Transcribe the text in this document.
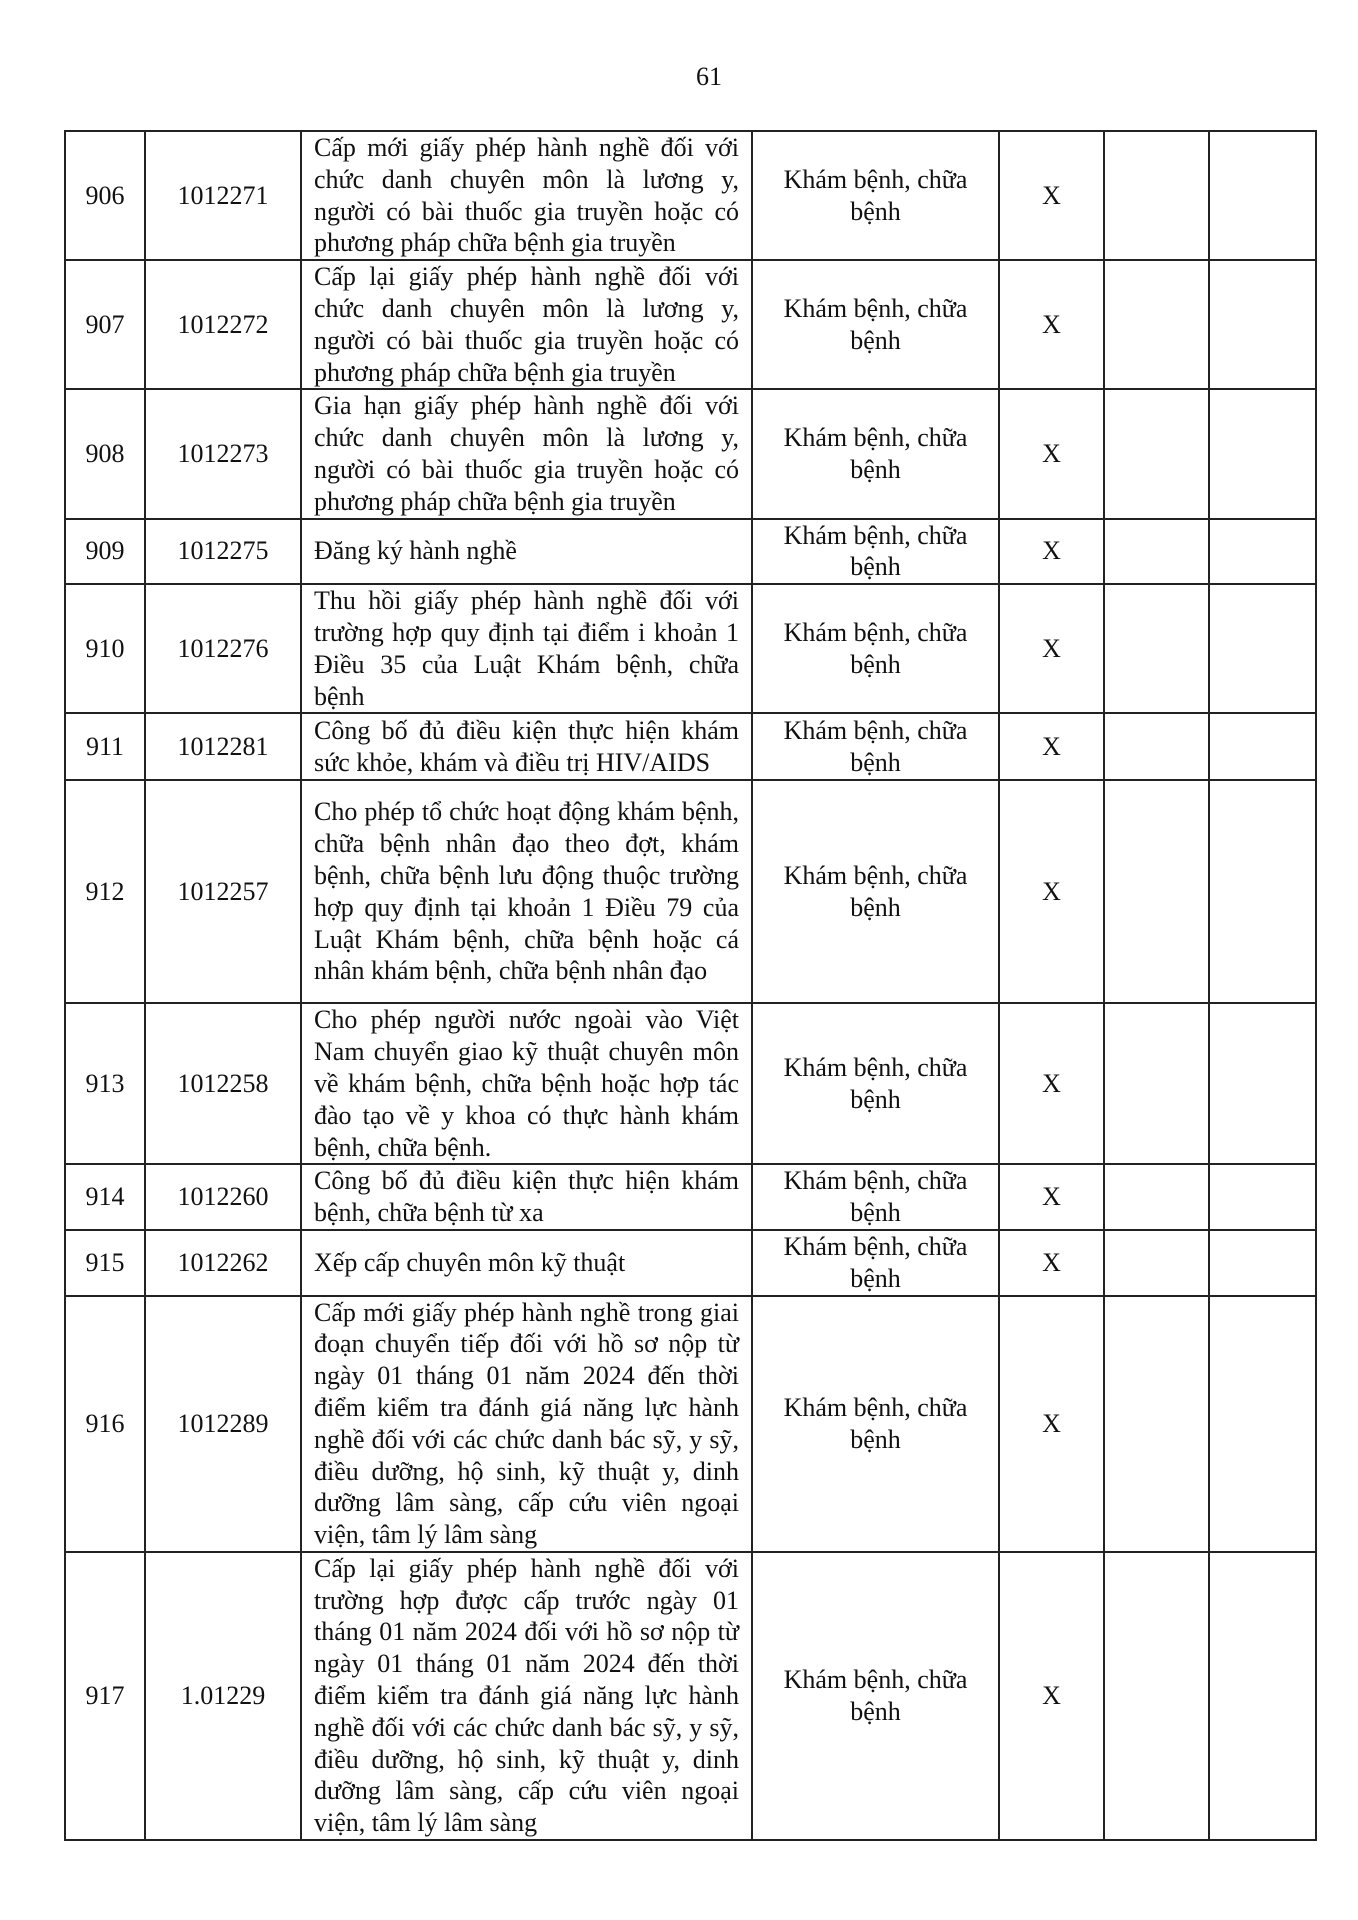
61
906	1012271	Cấp mới giấy phép hành nghề đối với chức danh chuyên môn là lương y, người có bài thuốc gia truyền hoặc có phương pháp chữa bệnh gia truyền	Khám bệnh, chữa bệnh	X		
907	1012272	Cấp lại giấy phép hành nghề đối với chức danh chuyên môn là lương y, người có bài thuốc gia truyền hoặc có phương pháp chữa bệnh gia truyền	Khám bệnh, chữa bệnh	X		
908	1012273	Gia hạn giấy phép hành nghề đối với chức danh chuyên môn là lương y, người có bài thuốc gia truyền hoặc có phương pháp chữa bệnh gia truyền	Khám bệnh, chữa bệnh	X		
909	1012275	Đăng ký hành nghề	Khám bệnh, chữa bệnh	X		
910	1012276	Thu hồi giấy phép hành nghề đối với trường hợp quy định tại điểm i khoản 1 Điều 35 của Luật Khám bệnh, chữa bệnh	Khám bệnh, chữa bệnh	X		
911	1012281	Công bố đủ điều kiện thực hiện khám sức khỏe, khám và điều trị HIV/AIDS	Khám bệnh, chữa bệnh	X		
912	1012257	Cho phép tổ chức hoạt động khám bệnh, chữa bệnh nhân đạo theo đợt, khám bệnh, chữa bệnh lưu động thuộc trường hợp quy định tại khoản 1 Điều 79 của Luật Khám bệnh, chữa bệnh hoặc cá nhân khám bệnh, chữa bệnh nhân đạo	Khám bệnh, chữa bệnh	X		
913	1012258	Cho phép người nước ngoài vào Việt Nam chuyển giao kỹ thuật chuyên môn về khám bệnh, chữa bệnh hoặc hợp tác đào tạo về y khoa có thực hành khám bệnh, chữa bệnh.	Khám bệnh, chữa bệnh	X		
914	1012260	Công bố đủ điều kiện thực hiện khám bệnh, chữa bệnh từ xa	Khám bệnh, chữa bệnh	X		
915	1012262	Xếp cấp chuyên môn kỹ thuật	Khám bệnh, chữa bệnh	X		
916	1012289	Cấp mới giấy phép hành nghề trong giai đoạn chuyển tiếp đối với hồ sơ nộp từ ngày 01 tháng 01 năm 2024 đến thời điểm kiểm tra đánh giá năng lực hành nghề đối với các chức danh bác sỹ, y sỹ, điều dưỡng, hộ sinh, kỹ thuật y, dinh dưỡng lâm sàng, cấp cứu viên ngoại viện, tâm lý lâm sàng	Khám bệnh, chữa bệnh	X		
917	1.01229	Cấp lại giấy phép hành nghề đối với trường hợp được cấp trước ngày 01 tháng 01 năm 2024 đối với hồ sơ nộp từ ngày 01 tháng 01 năm 2024 đến thời điểm kiểm tra đánh giá năng lực hành nghề đối với các chức danh bác sỹ, y sỹ, điều dưỡng, hộ sinh, kỹ thuật y, dinh dưỡng lâm sàng, cấp cứu viên ngoại viện, tâm lý lâm sàng	Khám bệnh, chữa bệnh	X		
